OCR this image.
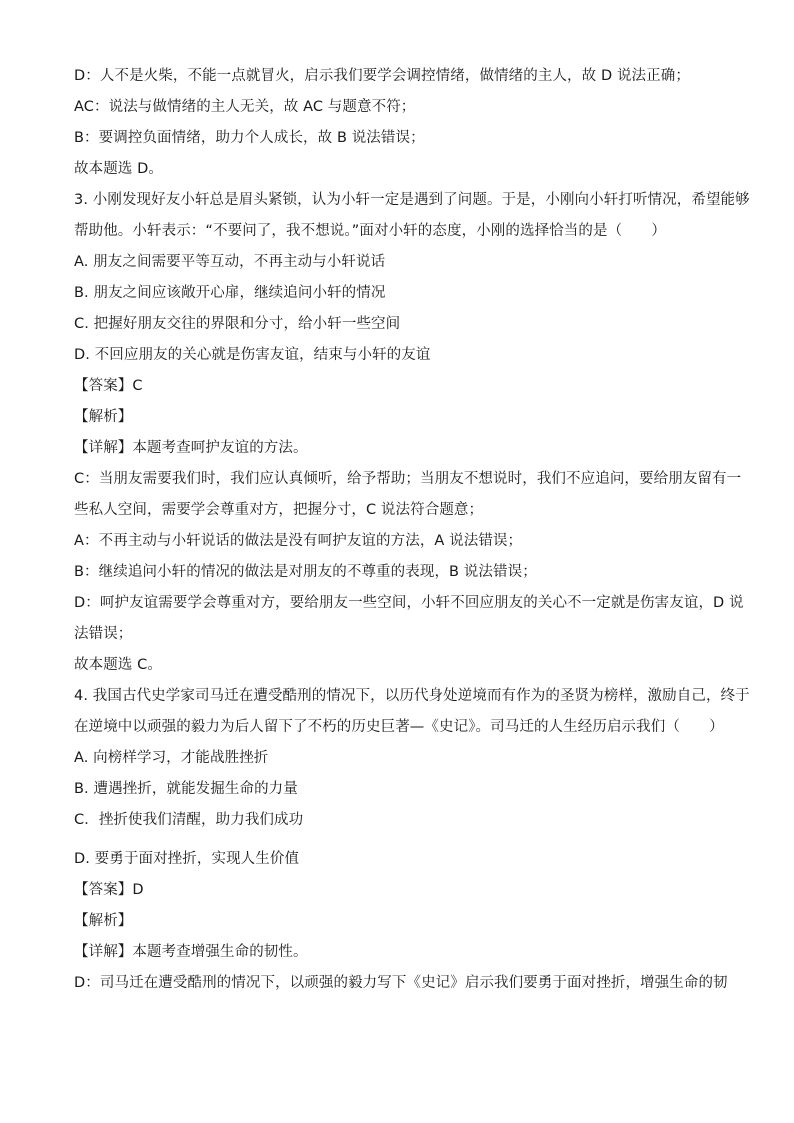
D：人不是火柴，不能一点就冒火，启示我们要学会调控情绪，做情绪的主人，故 D 说法正确；
AC：说法与做情绪的主人无关，故 AC 与题意不符；
B：要调控负面情绪，助力个人成长，故 B 说法错误；
故本题选 D。
3. 小刚发现好友小轩总是眉头紧锁，认为小轩一定是遇到了问题。于是，小刚向小轩打听情况，希望能够
帮助他。小轩表示：“不要问了，我不想说。”面对小轩的态度，小刚的选择恰当的是（　　）
A. 朋友之间需要平等互动，不再主动与小轩说话
B. 朋友之间应该敞开心扉，继续追问小轩的情况
C. 把握好朋友交往的界限和分寸，给小轩一些空间
D. 不回应朋友的关心就是伤害友谊，结束与小轩的友谊
【答案】C
【解析】
【详解】本题考查呵护友谊的方法。
C：当朋友需要我们时，我们应认真倾听，给予帮助；当朋友不想说时，我们不应追问，要给朋友留有一
些私人空间，需要学会尊重对方，把握分寸，C 说法符合题意；
A：不再主动与小轩说话的做法是没有呵护友谊的方法，A 说法错误；
B：继续追问小轩的情况的做法是对朋友的不尊重的表现，B 说法错误；
D：呵护友谊需要学会尊重对方，要给朋友一些空间，小轩不回应朋友的关心不一定就是伤害友谊，D 说
法错误；
故本题选 C。
4. 我国古代史学家司马迁在遭受酷刑的情况下，以历代身处逆境而有作为的圣贤为榜样，激励自己，终于
在逆境中以顽强的毅力为后人留下了不朽的历史巨著—《史记》。司马迁的人生经历启示我们（　　）
A. 向榜样学习，才能战胜挫折
B. 遭遇挫折，就能发掘生命的力量
C．挫折使我们清醒，助力我们成功
D. 要勇于面对挫折，实现人生价值
【答案】D
【解析】
【详解】本题考查增强生命的韧性。
D：司马迁在遭受酷刑的情况下，以顽强的毅力写下《史记》启示我们要勇于面对挫折，增强生命的韧
